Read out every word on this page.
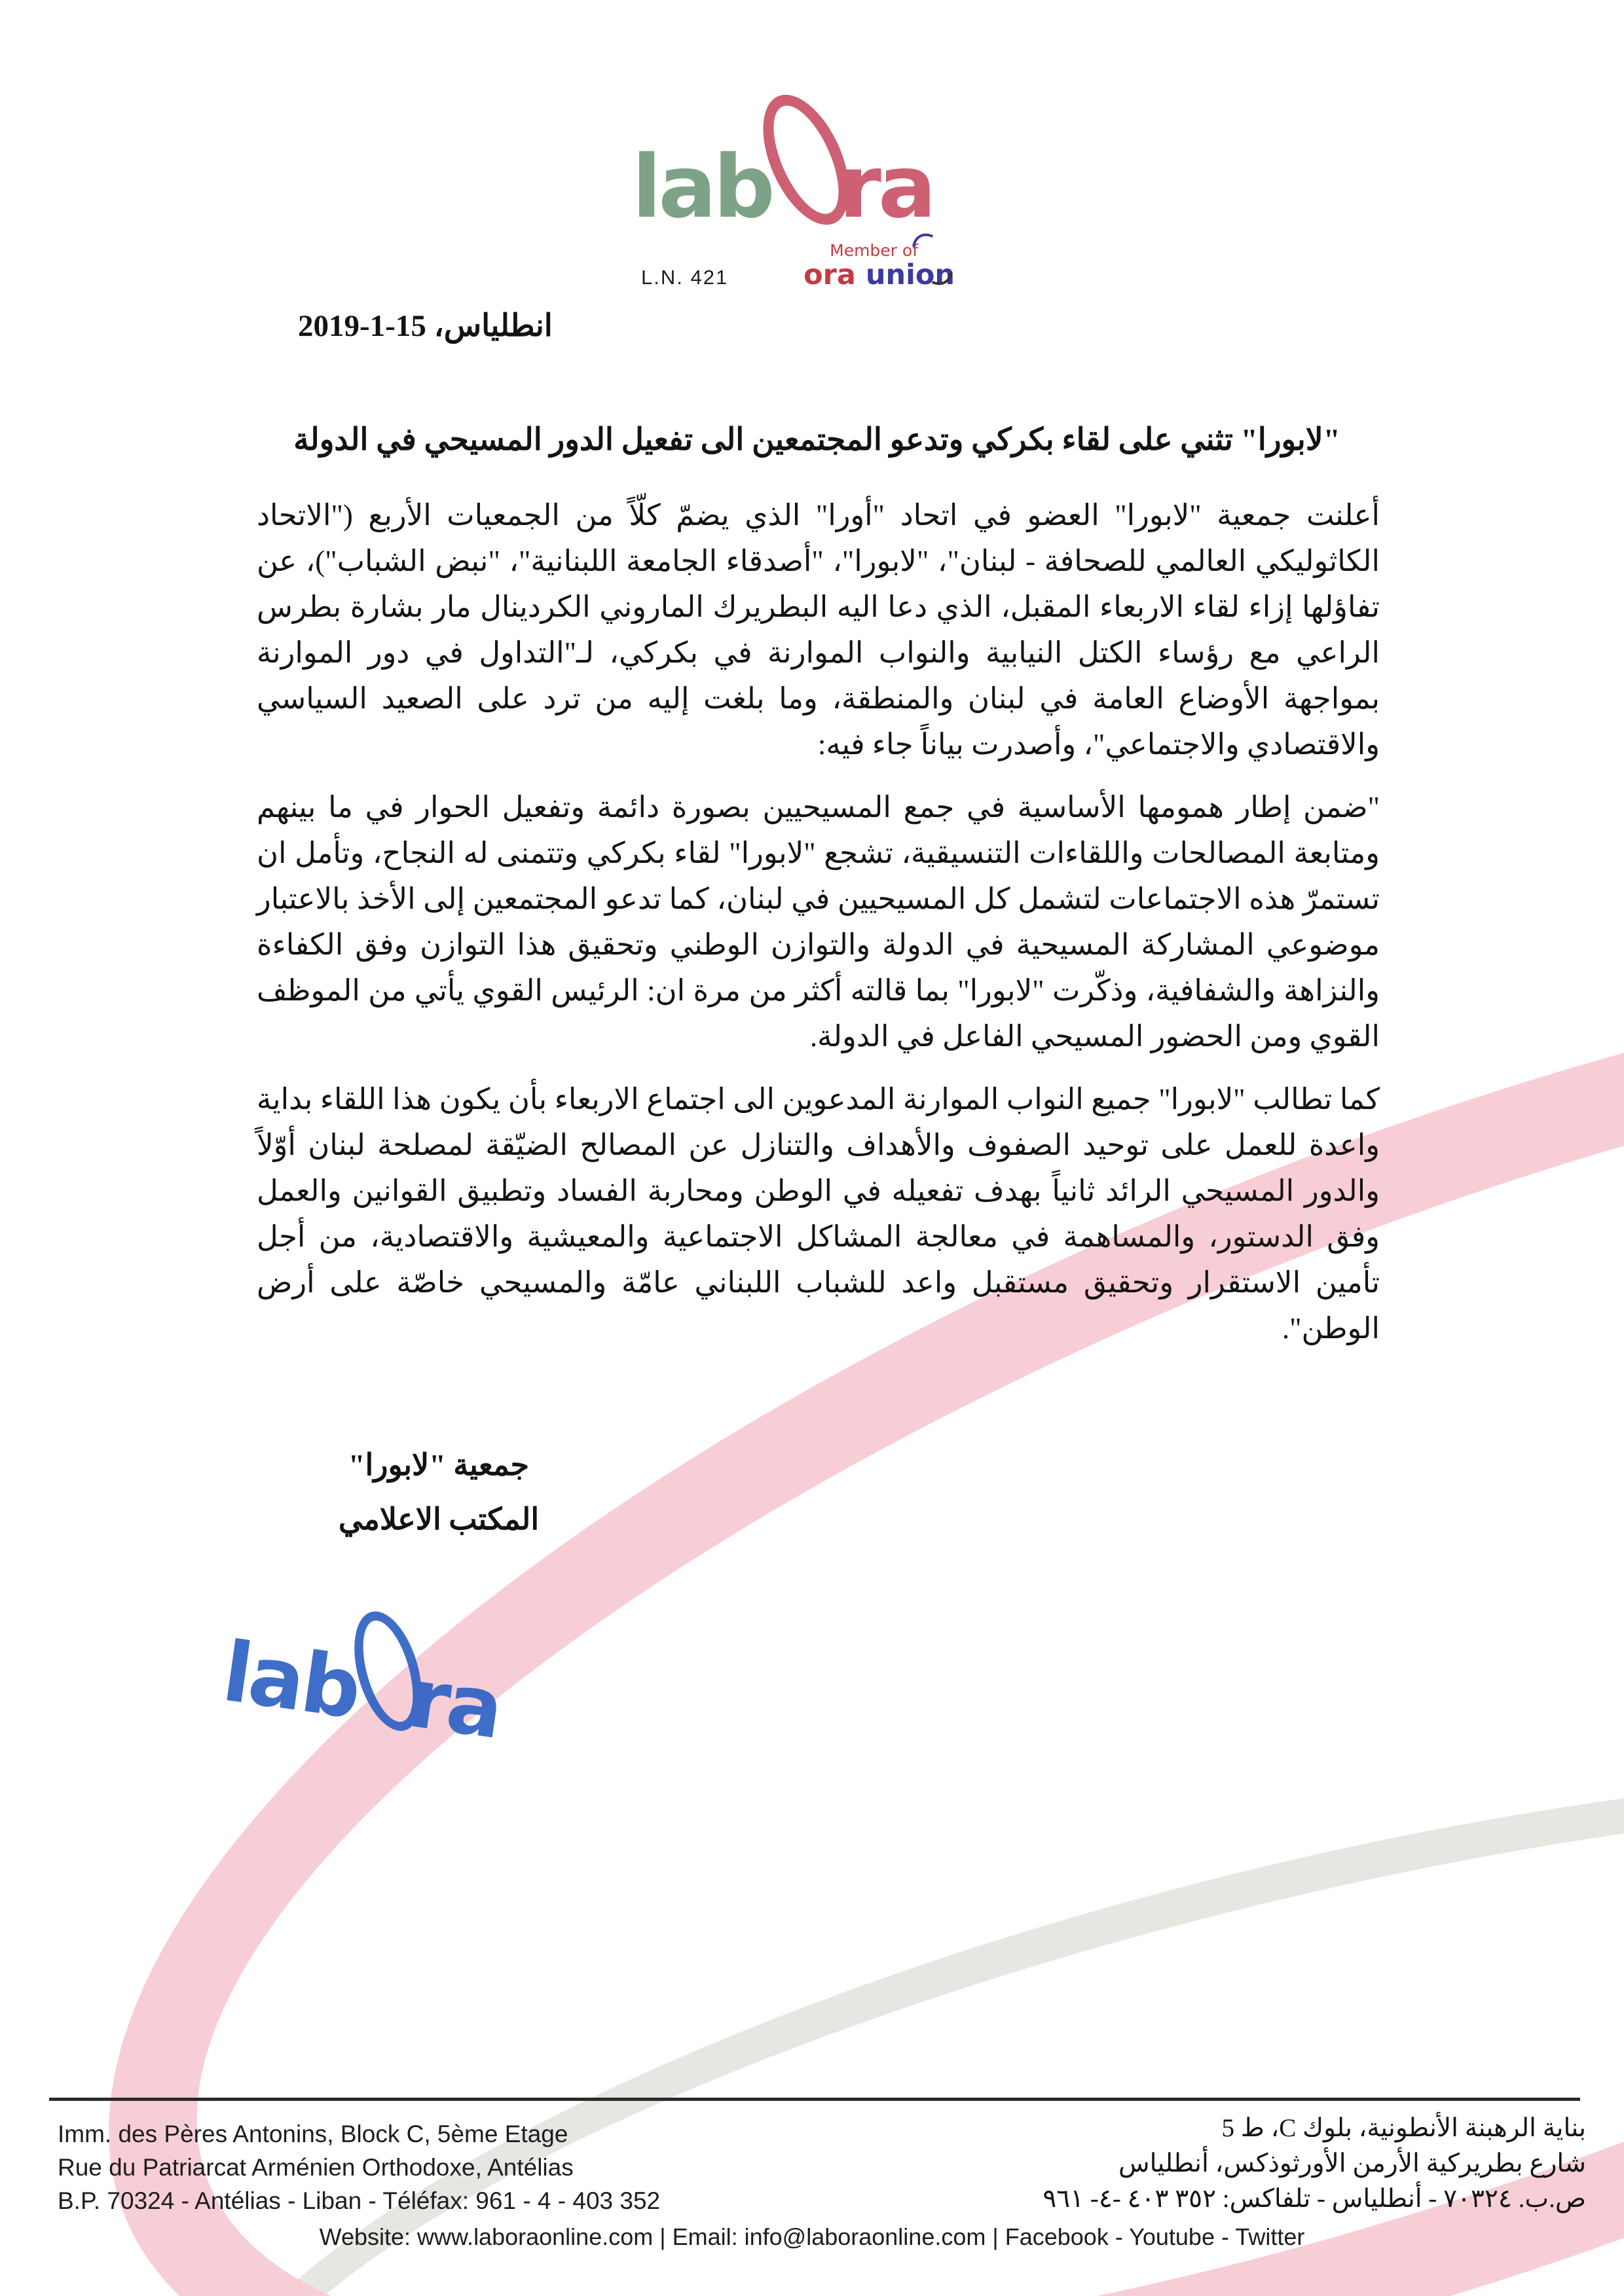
lab ra
L.N. 421
Member of
ora union
انطلياس، 15-1-2019
"لابورا" تثني على لقاء بكركي وتدعو المجتمعين الى تفعيل الدور المسيحي في الدولة

أعلنت جمعية "لابورا" العضو في اتحاد "أورا" الذي يضمّ كلّاً من الجمعيات الأربع ("الاتحاد الكاثوليكي العالمي للصحافة - لبنان"، "لابورا"، "أصدقاء الجامعة اللبنانية"، "نبض الشباب")، عن تفاؤلها إزاء لقاء الاربعاء المقبل، الذي دعا اليه البطريرك الماروني الكردينال مار بشارة بطرس الراعي مع رؤساء الكتل النيابية والنواب الموارنة في بكركي، لـ"التداول في دور الموارنة بمواجهة الأوضاع العامة في لبنان والمنطقة، وما بلغت إليه من ترد على الصعيد السياسي والاقتصادي والاجتماعي"، وأصدرت بياناً جاء فيه:

"ضمن إطار همومها الأساسية في جمع المسيحيين بصورة دائمة وتفعيل الحوار في ما بينهم ومتابعة المصالحات واللقاءات التنسيقية، تشجع "لابورا" لقاء بكركي وتتمنى له النجاح، وتأمل ان تستمرّ هذه الاجتماعات لتشمل كل المسيحيين في لبنان، كما تدعو المجتمعين إلى الأخذ بالاعتبار موضوعي المشاركة المسيحية في الدولة والتوازن الوطني وتحقيق هذا التوازن وفق الكفاءة والنزاهة والشفافية، وذكّرت "لابورا" بما قالته أكثر من مرة ان: الرئيس القوي يأتي من الموظف القوي ومن الحضور المسيحي الفاعل في الدولة.

كما تطالب "لابورا" جميع النواب الموارنة المدعوين الى اجتماع الاربعاء بأن يكون هذا اللقاء بداية واعدة للعمل على توحيد الصفوف والأهداف والتنازل عن المصالح الضيّقة لمصلحة لبنان أوّلاً والدور المسيحي الرائد ثانياً بهدف تفعيله في الوطن ومحاربة الفساد وتطبيق القوانين والعمل وفق الدستور، والمساهمة في معالجة المشاكل الاجتماعية والمعيشية والاقتصادية، من أجل تأمين الاستقرار وتحقيق مستقبل واعد للشباب اللبناني عامّة والمسيحي خاصّة على أرض الوطن".

جمعية "لابورا"
المكتب الاعلامي
lab ra
Imm. des Pères Antonins, Block C, 5ème Etage
Rue du Patriarcat Arménien Orthodoxe, Antélias
B.P. 70324 - Antélias - Liban - Téléfax: 961 - 4 - 403 352
بناية الرهبنة الأنطونية، بلوك C، ط 5
شارع بطريركية الأرمن الأورثوذكس، أنطلياس
ص.ب. ٧٠٣٢٤ - أنطلياس - تلفاكس: ٣٥٢ ٤٠٣ -٤- ٩٦١
Website: www.laboraonline.com | Email: info@laboraonline.com | Facebook - Youtube - Twitter
